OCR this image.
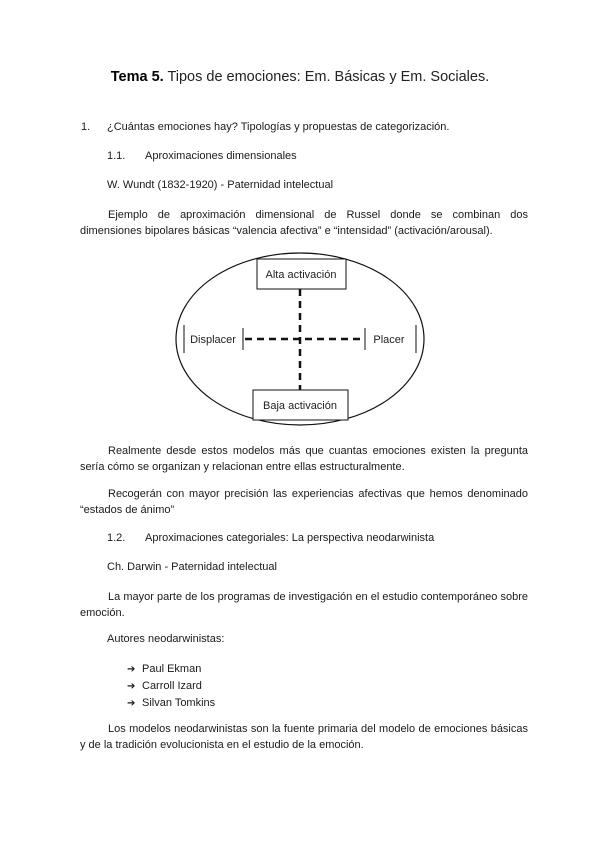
Tema 5. Tipos de emociones: Em. Básicas y Em. Sociales.
1. ¿Cuántas emociones hay? Tipologías y propuestas de categorización.
1.1. Aproximaciones dimensionales
W. Wundt (1832-1920) - Paternidad intelectual
Ejemplo de aproximación dimensional de Russel donde se combinan dos dimensiones bipolares básicas “valencia afectiva” e “intensidad” (activación/arousal).
Alta activación
Baja activación
Displacer	Placer
Realmente desde estos modelos más que cuantas emociones existen la pregunta sería cómo se organizan y relacionan entre ellas estructuralmente.
Recogerán con mayor precisión las experiencias afectivas que hemos denominado “estados de ánimo”
1.2. Aproximaciones categoriales: La perspectiva neodarwinista
Ch. Darwin - Paternidad intelectual
La mayor parte de los programas de investigación en el estudio contemporáneo sobre emoción.
Autores neodarwinistas:
➔ Paul Ekman
➔ Carroll Izard
➔ Silvan Tomkins
Los modelos neodarwinistas son la fuente primaria del modelo de emociones básicas y de la tradición evolucionista en el estudio de la emoción.
